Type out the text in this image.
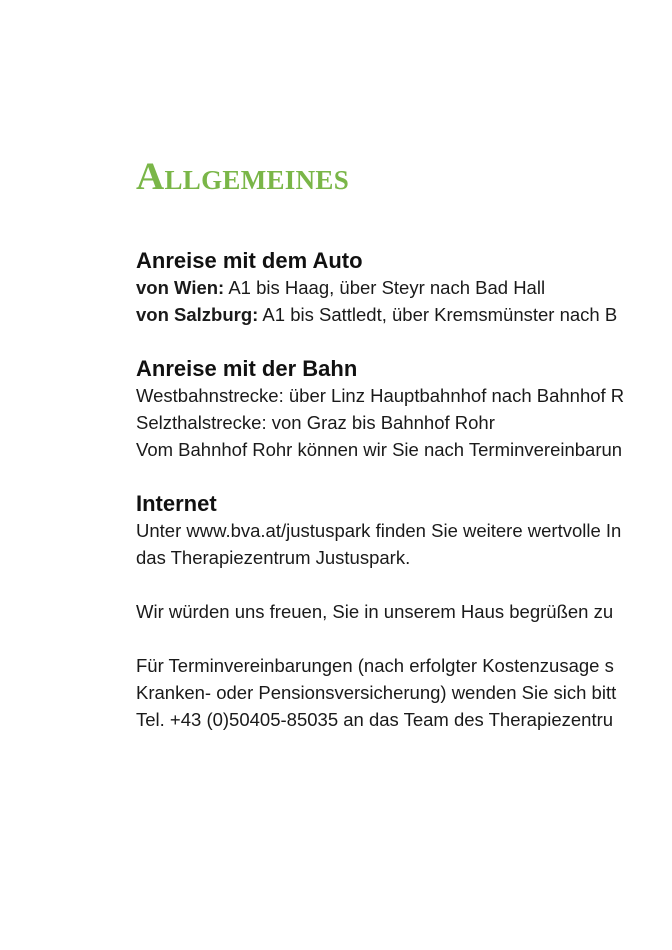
Allgemeines
Anreise mit dem Auto

von Wien: A1 bis Haag, über Steyr nach Bad Hall

von Salzburg: A1 bis Sattledt, über Kremsmünster nach B

Anreise mit der Bahn

Westbahnstrecke: über Linz Hauptbahnhof nach Bahnhof R

Selzthalstrecke: von Graz bis Bahnhof Rohr

Vom Bahnhof Rohr können wir Sie nach Terminvereinbarun

Internet

Unter www.bva.at/justuspark finden Sie weitere wertvolle In

das Therapiezentrum Justuspark.

Wir würden uns freuen, Sie in unserem Haus begrüßen zu

Für Terminvereinbarungen (nach erfolgter Kostenzusage s

Kranken- oder Pensionsversicherung) wenden Sie sich bitt

Tel. +43 (0)50405-85035 an das Team des Therapiezentru
